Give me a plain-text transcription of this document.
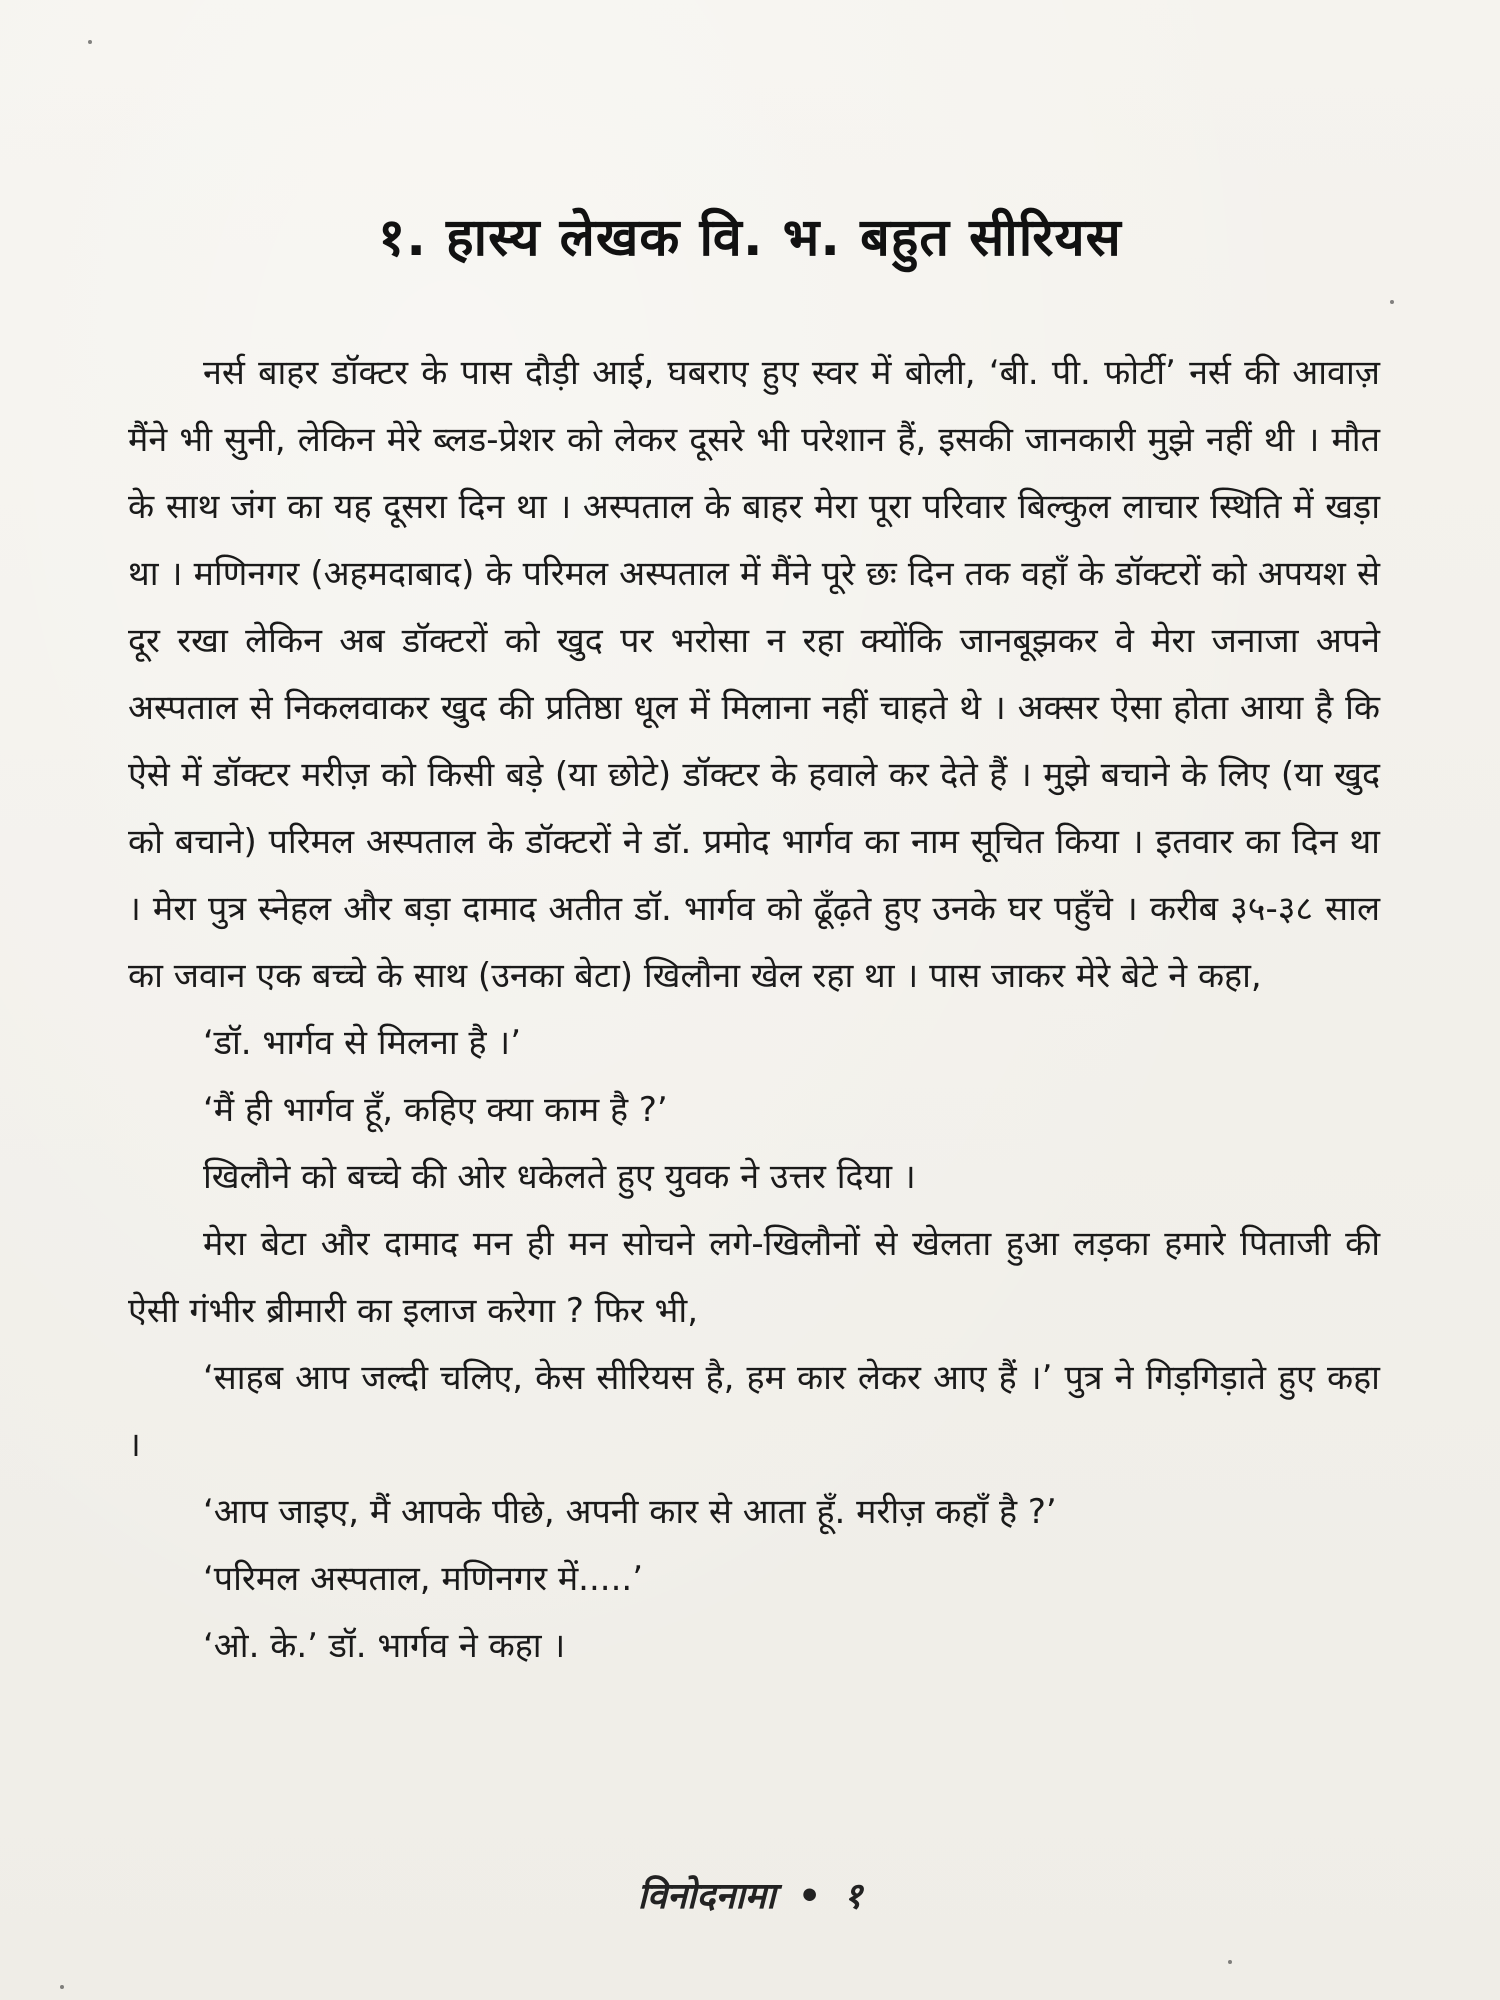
१. हास्य लेखक वि. भ. बहुत सीरियस

नर्स बाहर डॉक्टर के पास दौड़ी आई, घबराए हुए स्वर में बोली, ‘बी. पी. फोर्टी’ नर्स की आवाज़ मैंने भी सुनी, लेकिन मेरे ब्लड-प्रेशर को लेकर दूसरे भी परेशान हैं, इसकी जानकारी मुझे नहीं थी । मौत के साथ जंग का यह दूसरा दिन था । अस्पताल के बाहर मेरा पूरा परिवार बिल्कुल लाचार स्थिति में खड़ा था । मणिनगर (अहमदाबाद) के परिमल अस्पताल में मैंने पूरे छः दिन तक वहाँ के डॉक्टरों को अपयश से दूर रखा लेकिन अब डॉक्टरों को खुद पर भरोसा न रहा क्योंकि जानबूझकर वे मेरा जनाजा अपने अस्पताल से निकलवाकर खुद की प्रतिष्ठा धूल में मिलाना नहीं चाहते थे । अक्सर ऐसा होता आया है कि ऐसे में डॉक्टर मरीज़ को किसी बड़े (या छोटे) डॉक्टर के हवाले कर देते हैं । मुझे बचाने के लिए (या खुद को बचाने) परिमल अस्पताल के डॉक्टरों ने डॉ. प्रमोद भार्गव का नाम सूचित किया । इतवार का दिन था । मेरा पुत्र स्नेहल और बड़ा दामाद अतीत डॉ. भार्गव को ढूँढ़ते हुए उनके घर पहुँचे । करीब ३५-३८ साल का जवान एक बच्चे के साथ (उनका बेटा) खिलौना खेल रहा था । पास जाकर मेरे बेटे ने कहा,

‘डॉ. भार्गव से मिलना है ।’

‘मैं ही भार्गव हूँ, कहिए क्या काम है ?’

खिलौने को बच्चे की ओर धकेलते हुए युवक ने उत्तर दिया ।

मेरा बेटा और दामाद मन ही मन सोचने लगे-खिलौनों से खेलता हुआ लड़का हमारे पिताजी की ऐसी गंभीर ब्रीमारी का इलाज करेगा ? फिर भी,

‘साहब आप जल्दी चलिए, केस सीरियस है, हम कार लेकर आए हैं ।’ पुत्र ने गिड़गिड़ाते हुए कहा ।

‘आप जाइए, मैं आपके पीछे, अपनी कार से आता हूँ. मरीज़ कहाँ है ?’

‘परिमल अस्पताल, मणिनगर में.....’

‘ओ. के.’ डॉ. भार्गव ने कहा ।

विनोदनामा • १
